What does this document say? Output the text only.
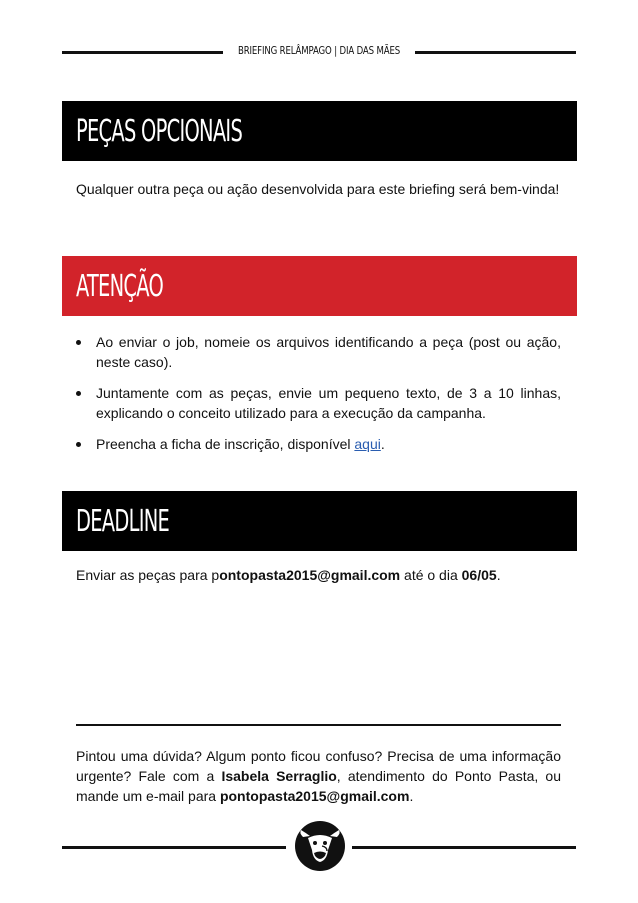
BRIEFING RELÂMPAGO | DIA DAS MÃES
PEÇAS OPCIONAIS

Qualquer outra peça ou ação desenvolvida para este briefing será bem-vinda!

ATENÇÃO
Ao enviar o job, nomeie os arquivos identificando a peça (post ou ação, neste caso).
Juntamente com as peças, envie um pequeno texto, de 3 a 10 linhas, explicando o conceito utilizado para a execução da campanha.
Preencha a ficha de inscrição, disponível aqui.
DEADLINE

Enviar as peças para pontopasta2015@gmail.com até o dia 06/05.

Pintou uma dúvida? Algum ponto ficou confuso? Precisa de uma informação urgente? Fale com a Isabela Serraglio, atendimento do Ponto Pasta, ou mande um e-mail para pontopasta2015@gmail.com.
